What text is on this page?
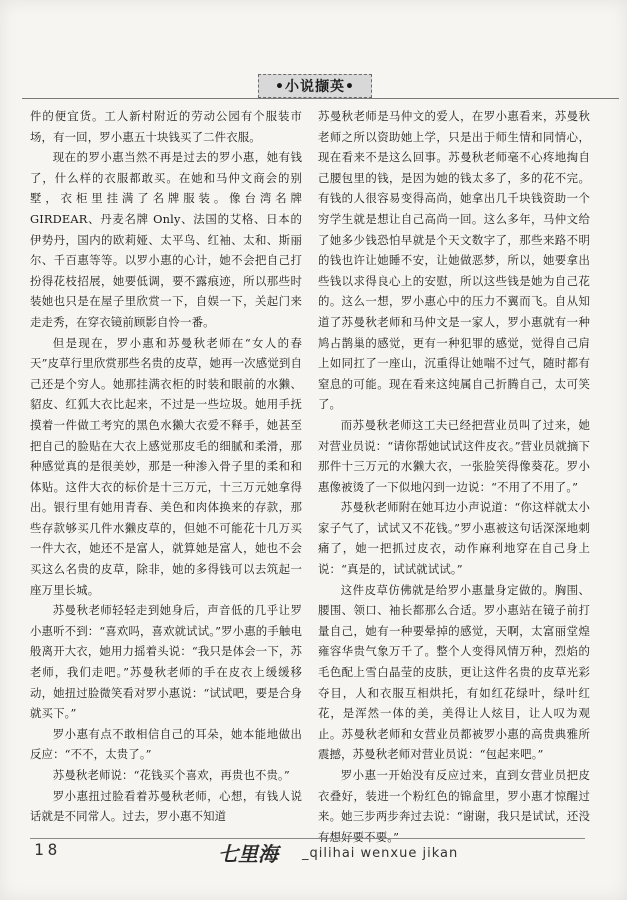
•小说撷英•

件的便宜货。工人新村附近的劳动公园有个服装市场，有一回，罗小惠五十块钱买了二件衣服。

现在的罗小惠当然不再是过去的罗小惠，她有钱了，什么样的衣服都敢买。在她和马仲文商会的别墅，衣柜里挂满了名牌服装。像台湾名牌 GIRDEAR、丹麦名牌 Only、法国的艾格、日本的伊势丹，国内的欧莉娅、太平鸟、红袖、太和、斯丽尔、千百惠等等。以罗小惠的心计，她不会把自己打扮得花枝招展，她要低调，要不露痕迹，所以那些时装她也只是在屋子里欣赏一下，自娱一下，关起门来走走秀，在穿衣镜前顾影自怜一番。

但是现在，罗小惠和苏曼秋老师在“女人的春天”皮草行里欣赏那些名贵的皮草，她再一次感觉到自己还是个穷人。她那挂满衣柜的时装和眼前的水獭、貂皮、红狐大衣比起来，不过是一些垃圾。她用手抚摸着一件做工考究的黑色水獭大衣爱不释手，她甚至把自己的脸贴在大衣上感觉那皮毛的细腻和柔滑，那种感觉真的是很美妙，那是一种渗入骨子里的柔和和体贴。这件大衣的标价是十三万元，十三万元她拿得出。银行里有她用青春、美色和肉体换来的存款，那些存款够买几件水獭皮草的，但她不可能花十几万买一件大衣，她还不是富人，就算她是富人，她也不会买这么名贵的皮草，除非，她的多得钱可以去筑起一座万里长城。

苏曼秋老师轻轻走到她身后，声音低的几乎让罗小惠听不到：“喜欢吗，喜欢就试试。”罗小惠的手触电般离开大衣，她用力摇着头说：“我只是体会一下，苏老师，我们走吧。”苏曼秋老师的手在皮衣上缓缓移动，她扭过脸微笑看对罗小惠说：“试试吧，要是合身就买下。”

罗小惠有点不敢相信自己的耳朵，她本能地做出反应：“不不，太贵了。”

苏曼秋老师说：“花钱买个喜欢，再贵也不贵。”

罗小惠扭过脸看着苏曼秋老师，心想，有钱人说话就是不同常人。过去，罗小惠不知道

苏曼秋老师是马仲文的爱人，在罗小惠看来，苏曼秋老师之所以资助她上学，只是出于师生情和同情心，现在看来不是这么回事。苏曼秋老师毫不心疼地掏自己腰包里的钱，是因为她的钱太多了，多的花不完。有钱的人很容易变得高尚，她拿出几千块钱资助一个穷学生就是想让自己高尚一回。这么多年，马仲文给了她多少钱恐怕早就是个天文数字了，那些来路不明的钱也许让她睡不安，让她做恶梦，所以，她要拿出些钱以求得良心上的安慰，所以这些钱是她为自己花的。这么一想，罗小惠心中的压力不翼而飞。自从知道了苏曼秋老师和马仲文是一家人，罗小惠就有一种鸠占鹊巢的感觉，更有一种犯罪的感觉，觉得自己肩上如同扛了一座山，沉重得让她喘不过气，随时都有窒息的可能。现在看来这纯属自己折腾自己，太可笑了。

而苏曼秋老师这工夫已经把营业员叫了过来，她对营业员说：“请你帮她试试这件皮衣。”营业员就摘下那件十三万元的水獭大衣，一张脸笑得像葵花。罗小惠像被烫了一下似地闪到一边说：“不用了不用了。”

苏曼秋老师附在她耳边小声说道：“你这样就太小家子气了，试试又不花钱。”罗小惠被这句话深深地刺痛了，她一把抓过皮衣，动作麻利地穿在自己身上说：“真是的，试试就试试。”

这件皮草仿佛就是给罗小惠量身定做的。胸围、腰围、领口、袖长都那么合适。罗小惠站在镜子前打量自己，她有一种要晕掉的感觉，天啊，太富丽堂煌雍容华贵气象万千了。整个人变得风情万种，烈焰的毛色配上雪白晶莹的皮肤，更让这件名贵的皮草光彩夺目，人和衣服互相烘托，有如红花绿叶，绿叶红花，是浑然一体的美，美得让人炫目，让人叹为观止。苏曼秋老师和女营业员都被罗小惠的高贵典雅所震撼，苏曼秋老师对营业员说：“包起来吧。”

罗小惠一开始没有反应过来，直到女营业员把皮衣叠好，装进一个粉红色的锦盒里，罗小惠才惊醒过来。她三步两步奔过去说：“谢谢，我只是试试，还没有想好要不要。”

18	七里海 _qilihai wenxue jikan
